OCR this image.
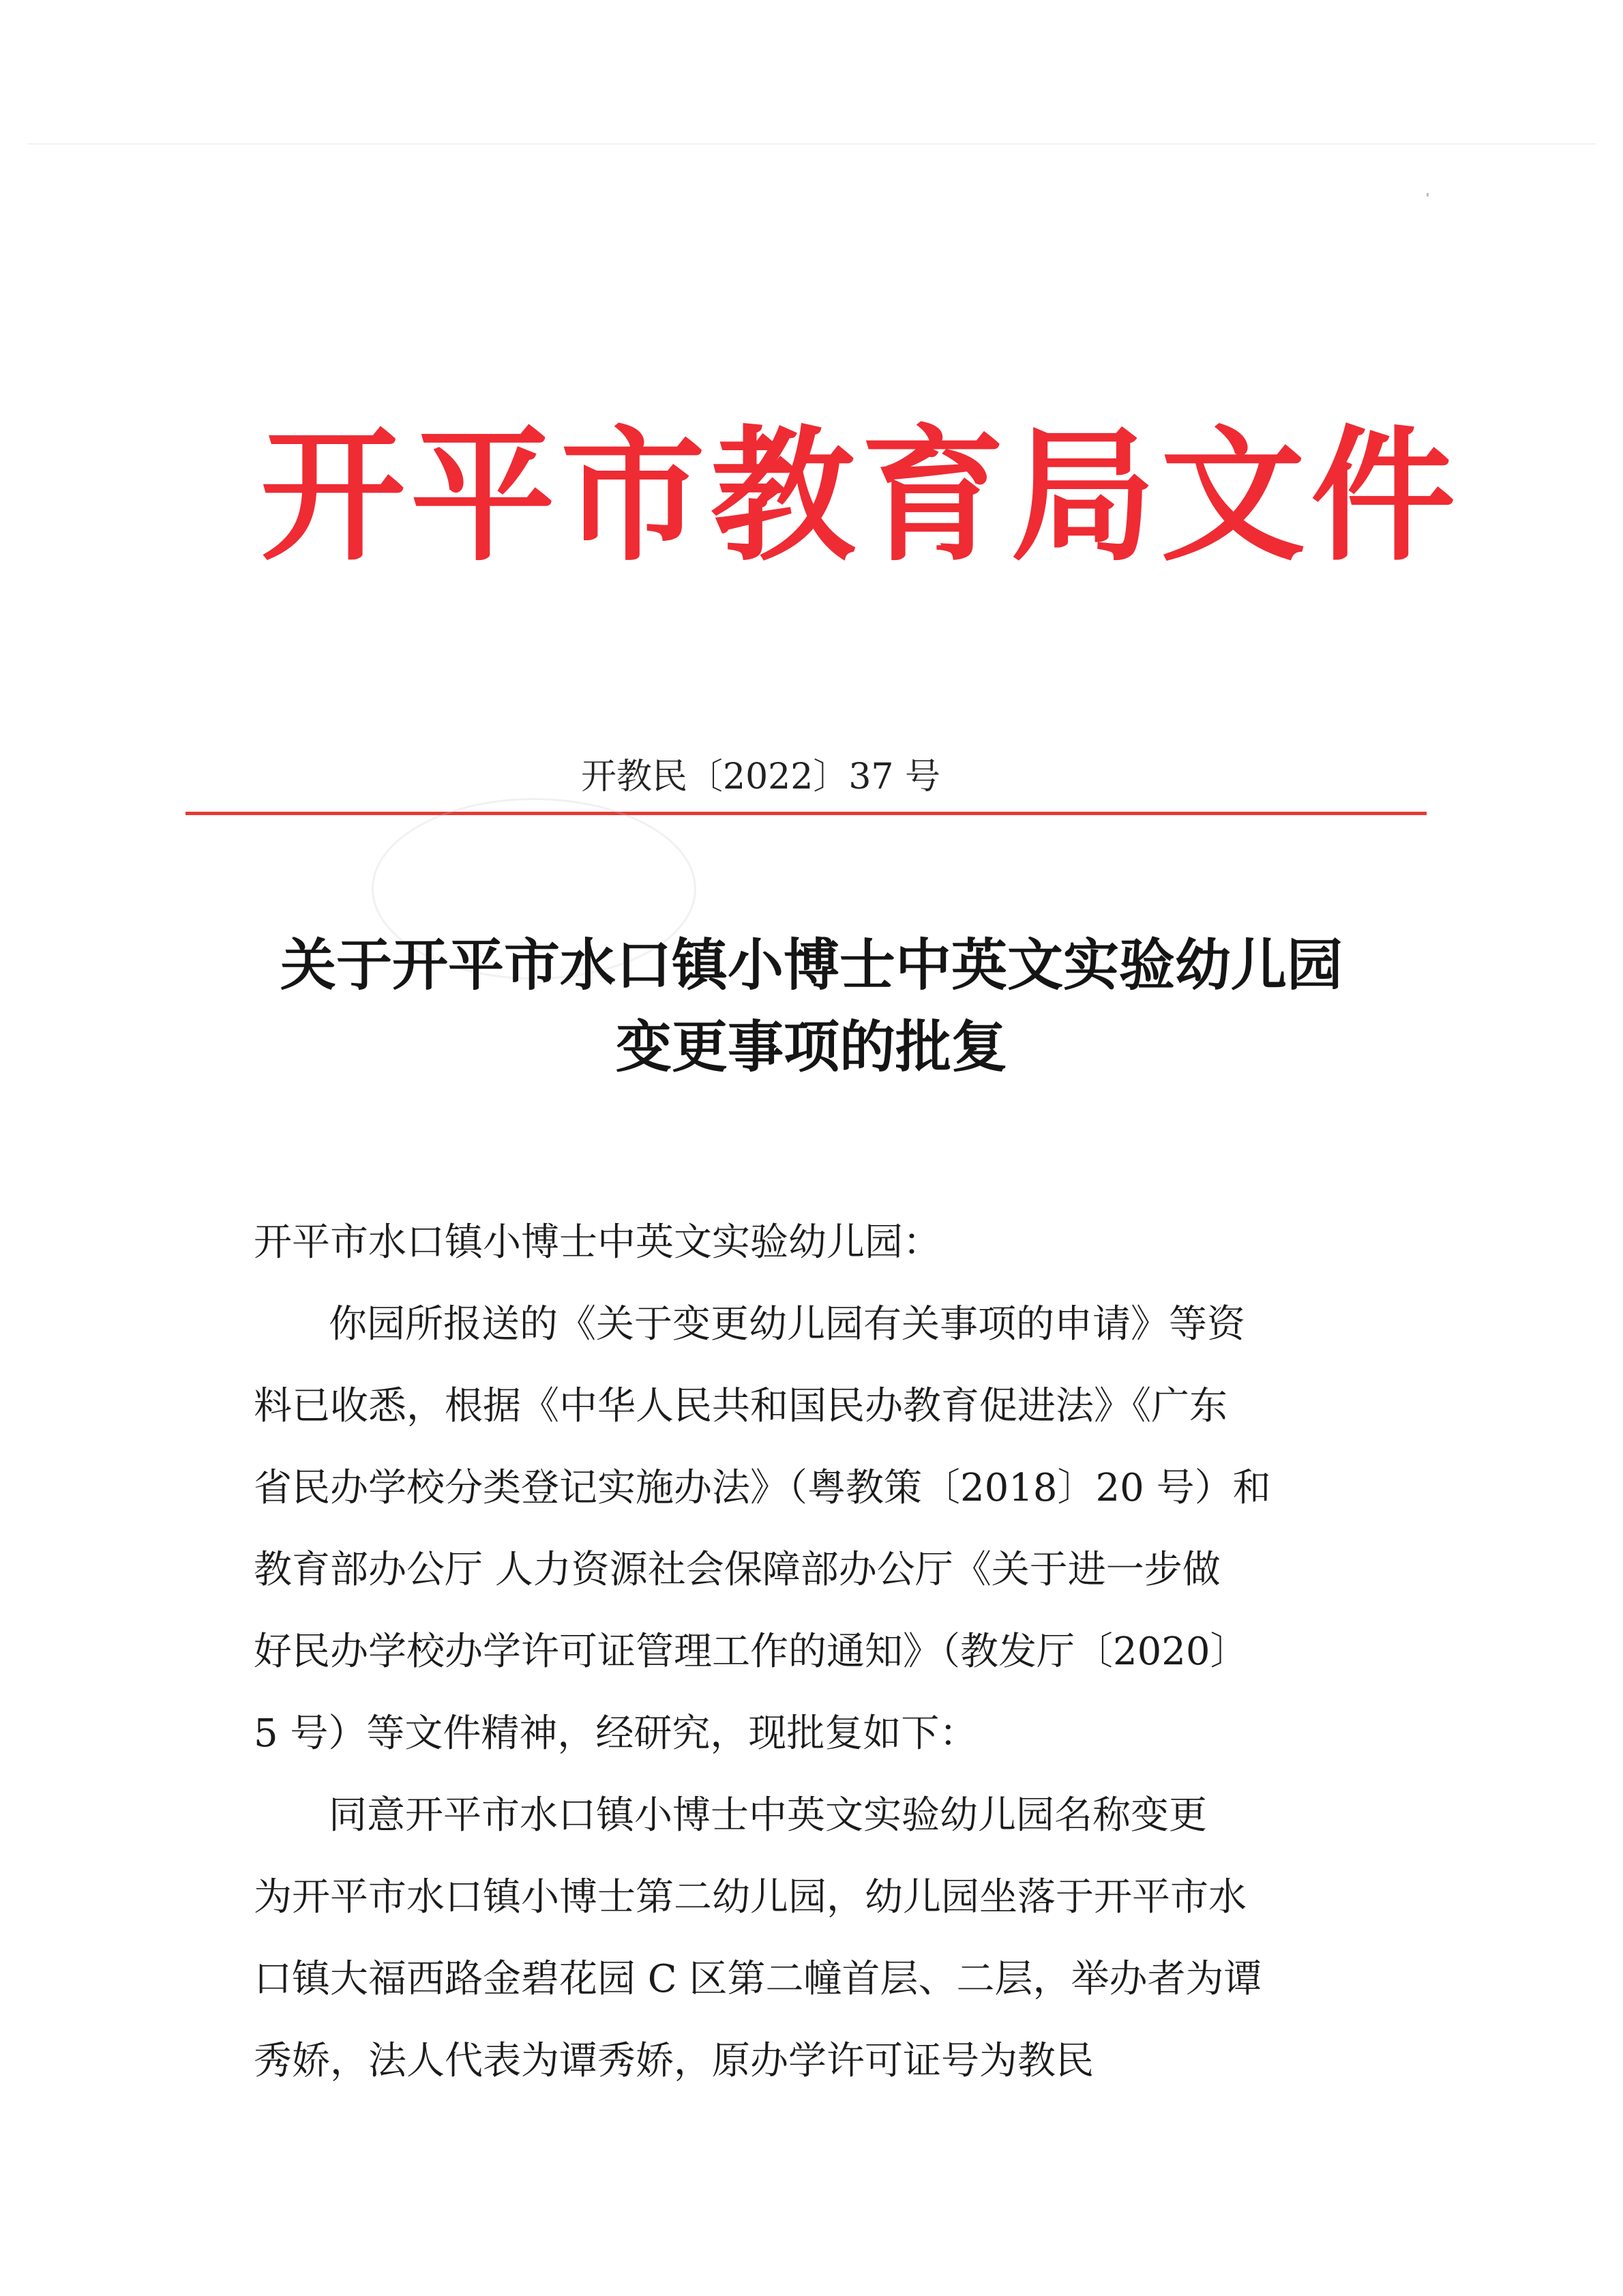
开平市教育局文件
开教民〔2022〕37 号
关于开平市水口镇小博士中英文实验幼儿园
变更事项的批复
开平市水口镇小博士中英文实验幼儿园：
你园所报送的《关于变更幼儿园有关事项的申请》等资
料已收悉，根据《中华人民共和国民办教育促进法》《广东
省民办学校分类登记实施办法》（粤教策〔2018〕20 号）和
教育部办公厅 人力资源社会保障部办公厅《关于进一步做
好民办学校办学许可证管理工作的通知》（教发厅〔2020〕
5 号）等文件精神，经研究，现批复如下：
同意开平市水口镇小博士中英文实验幼儿园名称变更
为开平市水口镇小博士第二幼儿园，幼儿园坐落于开平市水
口镇大福西路金碧花园 C 区第二幢首层、二层，举办者为谭
秀娇，法人代表为谭秀娇，原办学许可证号为教民
